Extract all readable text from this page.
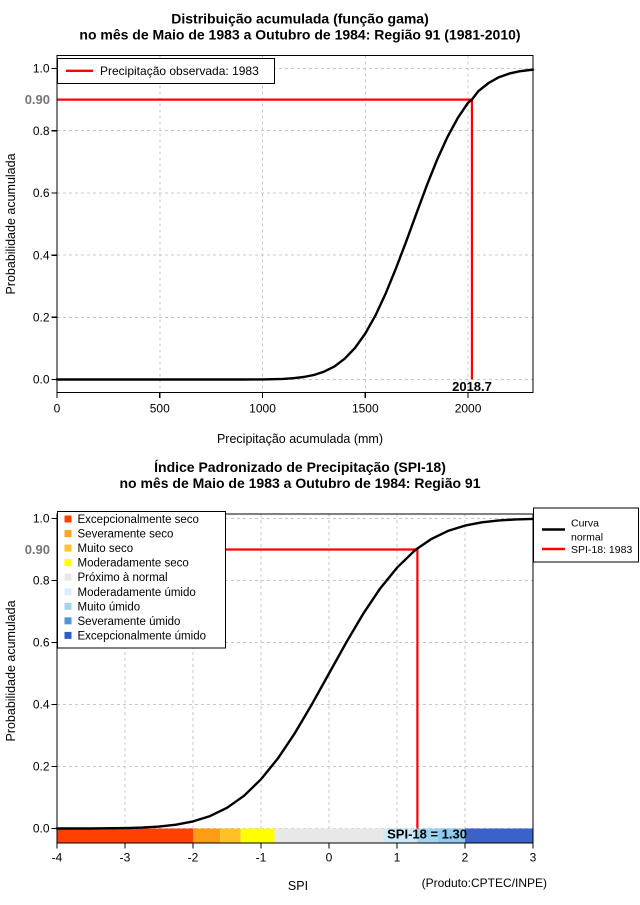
Distribuição acumulada (função gama)
no mês de Maio de 1983 a Outubro de 1984: Região 91 (1981-2010)
0	500	1000	1500	2000
0.0
0.2
0.4
0.6
0.8
1.0
0.90
2018.7
Precipitação acumulada (mm)
Probabilidade acumulada
Precipitação observada: 1983
Índice Padronizado de Precipitação (SPI-18)
no mês de Maio de 1983 a Outubro de 1984: Região 91
SPI-18 = 1.30
-4	-3	-2	-1	0	1	2	3
0.0
0.2
0.4
0.6
0.8
1.0
0.90
SPI
Probabilidade acumulada
(Produto:CPTEC/INPE)
Excepcionalmente seco
Severamente seco
Muito seco
Moderadamente seco
Próximo à normal
Moderadamente úmido
Muito úmido
Severamente úmido
Excepcionalmente úmido
Curva
normal
SPI-18: 1983
